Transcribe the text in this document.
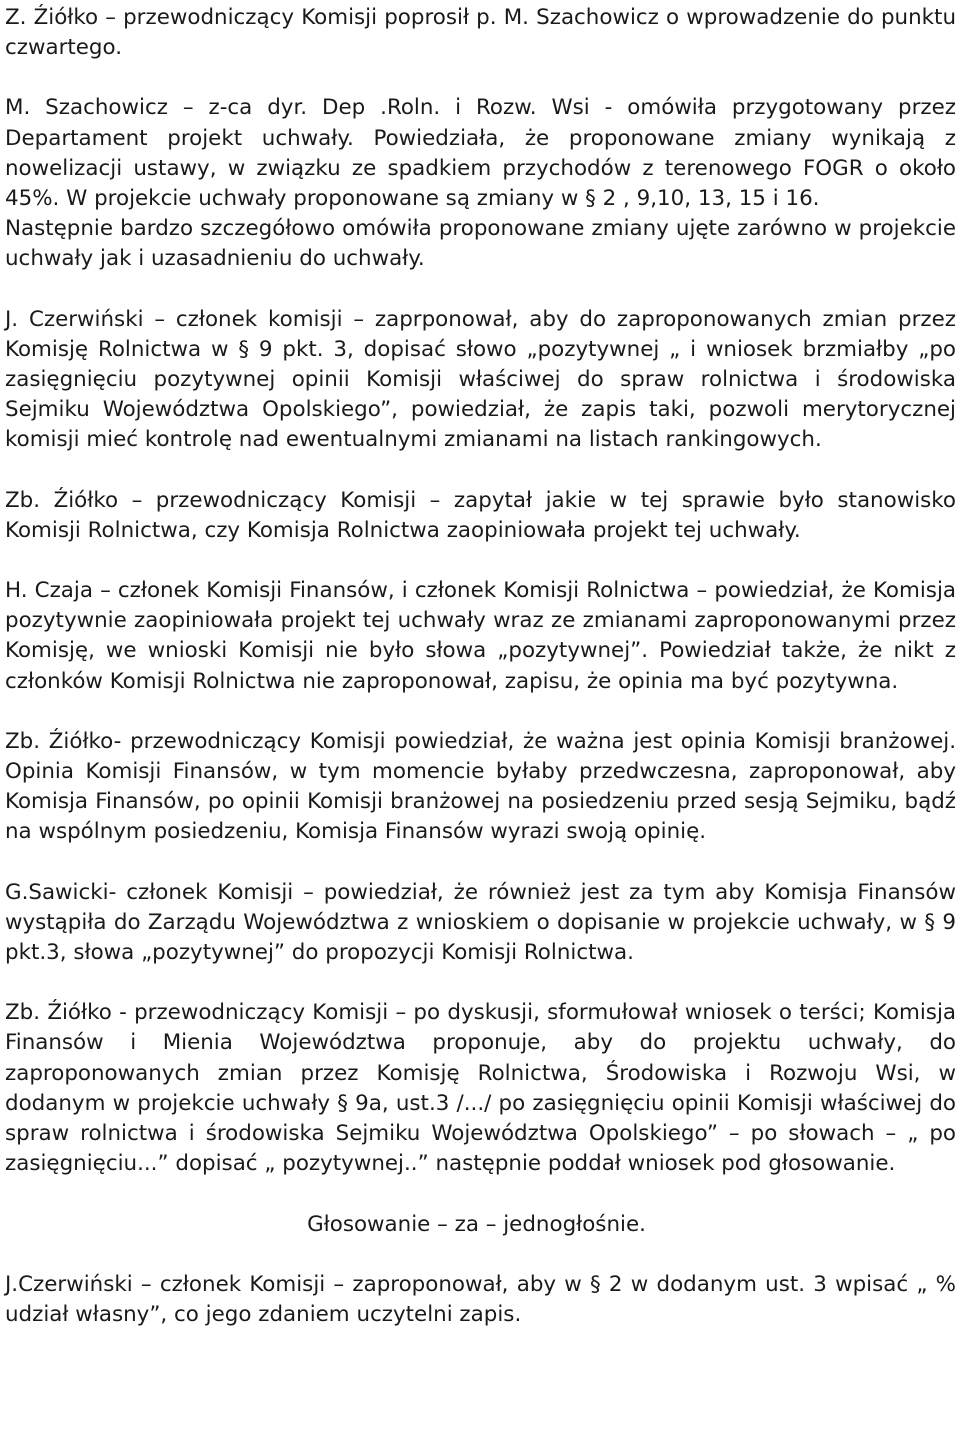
Z. Źiółko – przewodniczący Komisji poprosił p. M. Szachowicz o wprowadzenie do punktu czwartego.

M. Szachowicz – z-ca dyr. Dep .Roln. i Rozw. Wsi - omówiła przygotowany przez Departament projekt uchwały. Powiedziała, że proponowane zmiany wynikają z nowelizacji ustawy, w związku ze spadkiem przychodów z terenowego FOGR o około 45%. W projekcie uchwały proponowane są zmiany w § 2 , 9,10, 13, 15 i 16.

Następnie bardzo szczegółowo omówiła proponowane zmiany ujęte zarówno w projekcie uchwały jak i uzasadnieniu do uchwały.

J. Czerwiński – członek komisji – zaprponował, aby do zaproponowanych zmian przez Komisję Rolnictwa w § 9 pkt. 3, dopisać słowo „pozytywnej „ i wniosek brzmiałby „po zasięgnięciu pozytywnej opinii Komisji właściwej do spraw rolnictwa i środowiska Sejmiku Województwa Opolskiego”, powiedział, że zapis taki, pozwoli merytorycznej komisji mieć kontrolę nad ewentualnymi zmianami na listach rankingowych.

Zb. Źiółko – przewodniczący Komisji – zapytał jakie w tej sprawie było stanowisko Komisji Rolnictwa, czy Komisja Rolnictwa zaopiniowała projekt tej uchwały.

H. Czaja – członek Komisji Finansów, i członek Komisji Rolnictwa – powiedział, że Komisja pozytywnie zaopiniowała projekt tej uchwały wraz ze zmianami zaproponowanymi przez Komisję, we wnioski Komisji nie było słowa „pozytywnej”. Powiedział także, że nikt z członków Komisji Rolnictwa nie zaproponował, zapisu, że opinia ma być pozytywna.

Zb. Źiółko- przewodniczący Komisji powiedział, że ważna jest opinia Komisji branżowej. Opinia Komisji Finansów, w tym momencie byłaby przedwczesna, zaproponował, aby Komisja Finansów, po opinii Komisji branżowej na posiedzeniu przed sesją Sejmiku, bądź na wspólnym posiedzeniu, Komisja Finansów wyrazi swoją opinię.

G.Sawicki- członek Komisji – powiedział, że również jest za tym aby Komisja Finansów wystąpiła do Zarządu Województwa z wnioskiem o dopisanie w projekcie uchwały, w § 9 pkt.3, słowa „pozytywnej” do propozycji Komisji Rolnictwa.

Zb. Źiółko - przewodniczący Komisji – po dyskusji, sformułował wniosek o terści; Komisja Finansów i Mienia Województwa proponuje, aby do projektu uchwały, do zaproponowanych zmian przez Komisję Rolnictwa, Środowiska i Rozwoju Wsi, w dodanym w projekcie uchwały § 9a, ust.3 /.../ po zasięgnięciu opinii Komisji właściwej do spraw rolnictwa i środowiska Sejmiku Województwa Opolskiego” – po słowach – „ po zasięgnięciu...” dopisać „ pozytywnej..” następnie poddał wniosek pod głosowanie.

Głosowanie – za – jednogłośnie.

J.Czerwiński – członek Komisji – zaproponował, aby w § 2 w dodanym ust. 3 wpisać „ % udział własny”, co jego zdaniem uczytelni zapis.
